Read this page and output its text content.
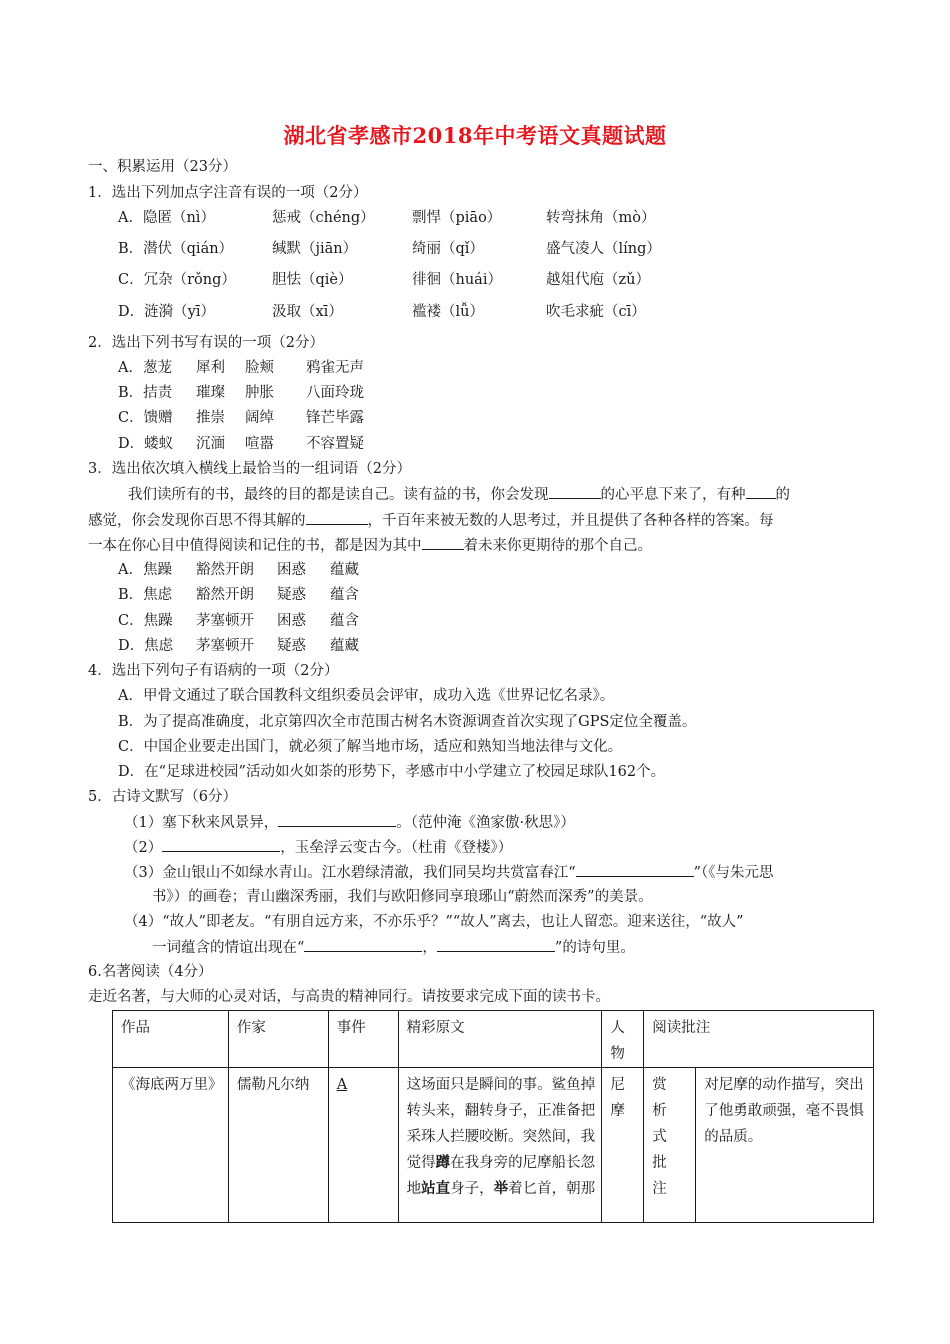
湖北省孝感市2018年中考语文真题试题
一、积累运用（23分）
1．选出下列加点字注音有误的一项（2分）
A．隐匿（nì）	惩戒（chéng）	剽悍（piāo）	转弯抹角（mò）
B．潜伏（qián）	缄默（jiān）	绮丽（qǐ）	盛气凌人（líng）
C．冗杂（rǒng） 胆怯（qiè）	徘徊（huái）	越俎代庖（zǔ）
D．涟漪（yī）	汲取（xī）	褴褛（lǚ）	吹毛求疵（cī）
2．选出下列书写有误的一项（2分）
A．葱茏 犀利 脸颊 鸦雀无声
B．拮责 璀璨 肿胀 八面玲珑
C．馈赠 推崇 阔绰 锋芒毕露
D．蝼蚁 沉湎 喧嚣 不容置疑
3．选出依次填入横线上最恰当的一组词语（2分）
我们读所有的书，最终的目的都是读自己。读有益的书，你会发现	的心平息下来了，有种 的
感觉，你会发现你百思不得其解的	，千百年来被无数的人思考过，并且提供了各种各样的答案。每
一本在你心目中值得阅读和记住的书，都是因为其中	着未来你更期待的那个自己。
A．焦躁 豁然开朗 困惑 蕴藏
B．焦虑 豁然开朗 疑惑 蕴含
C．焦躁 茅塞顿开 困惑 蕴含
D．焦虑 茅塞顿开 疑惑 蕴藏
4．选出下列句子有语病的一项（2分）
A．甲骨文通过了联合国教科文组织委员会评审，成功入选《世界记忆名录》。
B．为了提高准确度，北京第四次全市范围古树名木资源调查首次实现了GPS定位全覆盖。
C．中国企业要走出国门，就必须了解当地市场，适应和熟知当地法律与文化。
D．在“足球进校园”活动如火如荼的形势下，孝感市中小学建立了校园足球队162个。
5．古诗文默写（6分）
（1）塞下秋来风景异，	。（范仲淹《渔家傲·秋思》）
（2）	，玉垒浮云变古今。（杜甫《登楼》）
（3）金山银山不如绿水青山。江水碧绿清澈，我们同吴均共赏富春江“	”（《与朱元思
书》）的画卷；青山幽深秀丽，我们与欧阳修同享琅琊山“蔚然而深秀”的美景。
（4）“故人”即老友。“有朋自远方来，不亦乐乎？”“故人”离去，也让人留恋。迎来送往，“故人”
一词蕴含的情谊出现在“	，	”的诗句里。
6.名著阅读（4分）
走近名著，与大师的心灵对话，与高贵的精神同行。请按要求完成下面的读书卡。
作品	作家	事件	精彩原文	人物	阅读批注	
《海底两万里》	儒勒凡尔纳	A	这场面只是瞬间的事。鲨鱼掉转头来，翻转身子，正准备把采珠人拦腰咬断。突然间，我觉得蹲在我身旁的尼摩船长忽地站直身子，举着匕首，朝那	尼摩	赏析式批注	对尼摩的动作描写，突出了他勇敢顽强，毫不畏惧的品质。
